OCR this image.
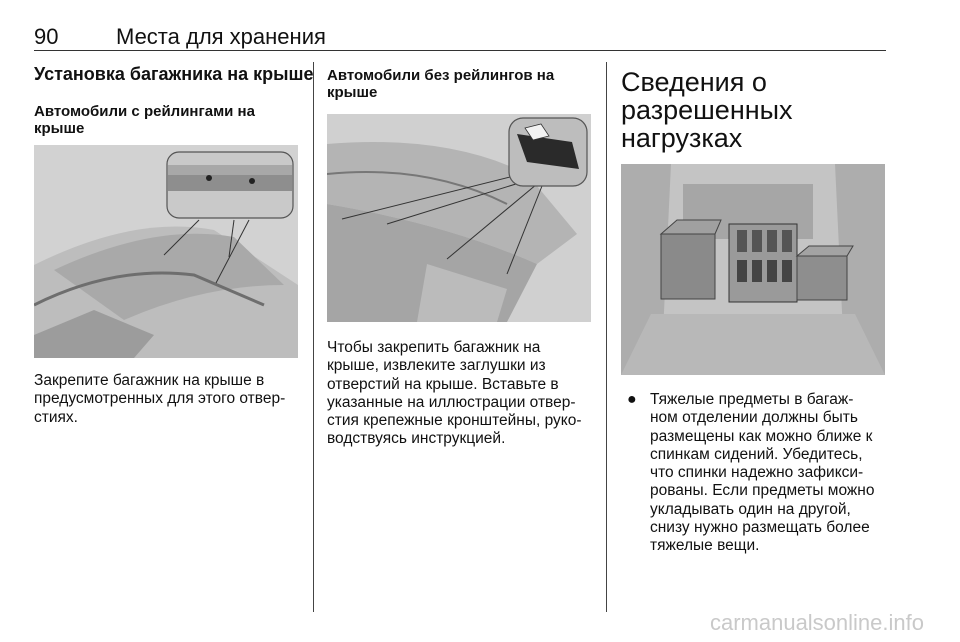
90	Места для хранения
Установка багажника на крыше
Автомобили с рейлингами на
крыше
Закрепите багажник на крыше в
предусмотренных для этого отвер-
стиях.
Автомобили без рейлингов на
крыше
Чтобы закрепить багажник на
крыше, извлеките заглушки из
отверстий на крыше. Вставьте в
указанные на иллюстрации отвер-
стия крепежные кронштейны, руко-
водствуясь инструкцией.
Сведения о
разрешенных
нагрузках
● Тяжелые предметы в багаж-
ном отделении должны быть
размещены как можно ближе к
спинкам сидений. Убедитесь,
что спинки надежно зафикси-
рованы. Если предметы можно
укладывать один на другой,
снизу нужно размещать более
тяжелые вещи.
carmanualsonline.info
